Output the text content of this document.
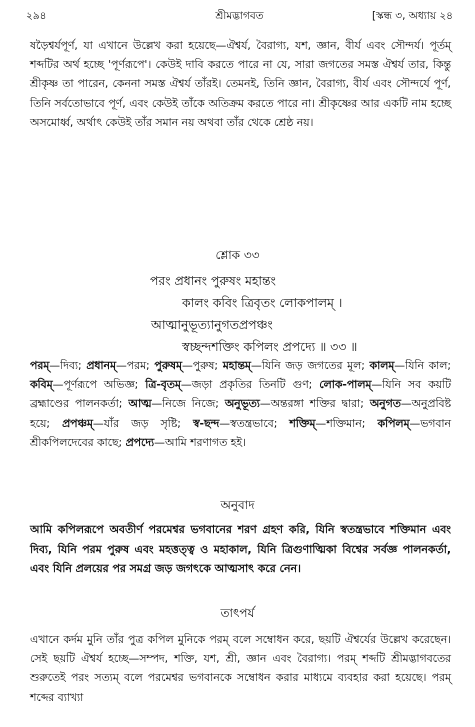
২৯৪	শ্রীমদ্ভাগবত	[স্কন্ধ ৩, অধ্যায় ২৪

ষড়ৈশ্বর্যপূর্ণ, যা এখানে উল্লেখ করা হয়েছে—ঐশ্বর্য, বৈরাগ্য, যশ, জ্ঞান, বীর্য এবং সৌন্দর্য। পূর্তম্‌ শব্দটির অর্থ হচ্ছে 'পূর্ণরূপে'। কেউই দাবি করতে পারে না যে, সারা জগতের সমস্ত ঐশ্বর্য তার, কিন্তু শ্রীকৃষ্ণ তা পারেন, কেননা সমস্ত ঐশ্বর্য তাঁরই। তেমনই, তিনি জ্ঞান, বৈরাগ্য, বীর্য এবং সৌন্দর্যে পূর্ণ, তিনি সর্বতোভাবে পূর্ণ, এবং কেউই তাঁকে অতিক্রম করতে পারে না। শ্রীকৃষ্ণের আর একটি নাম হচ্ছে অসমোর্ধ্ব, অর্থাৎ কেউই তাঁর সমান নয় অথবা তাঁর থেকে শ্রেষ্ঠ নয়।

শ্লোক ৩৩
পরং প্রধানং পুরুষং মহান্তং
কালং কবিং ত্রিবৃতং লোকপালম্‌ ।
আত্মানুভূত্যানুগতপ্রপঞ্চং
স্বচ্ছন্দশক্তিং কপিলং প্রপদ্যে ॥ ৩৩ ॥

পরম্‌—দিব্য; প্রধানম্‌—পরম; পুরুষম্‌—পুরুষ; মহান্তম্‌—যিনি জড় জগতের মূল; কালম্‌—যিনি কাল; কবিম্‌—পূর্ণরূপে অভিজ্ঞ; ত্রি-বৃতম্‌—জড়া প্রকৃতির তিনটি গুণ; লোক-পালম্‌—যিনি সব কয়টি ব্রহ্মাণ্ডের পালনকর্তা; আত্ম—নিজে নিজে; অনুভূত্য—অন্তরঙ্গা শক্তির দ্বারা; অনুগত—অনুপ্রবিষ্ট হয়ে; প্রপঞ্চম্‌—যাঁর জড় সৃষ্টি; স্ব-ছন্দ—স্বতন্ত্রভাবে; শক্তিম্‌—শক্তিমান; কপিলম্‌—ভগবান শ্রীকপিলদেবের কাছে; প্রপদ্যে—আমি শরণাগত হই।

অনুবাদ

আমি কপিলরূপে অবতীর্ণ পরমেশ্বর ভগবানের শরণ গ্রহণ করি, যিনি স্বতন্ত্রভাবে শক্তিমান এবং দিব্য, যিনি পরম পুরুষ এবং মহত্তত্ত্ব ও মহাকাল, যিনি ত্রিগুণাত্মিকা বিশ্বের সর্বজ্ঞ পালনকর্তা, এবং যিনি প্রলয়ের পর সমগ্র জড় জগৎকে আত্মসাৎ করে নেন।

তাৎপর্য

এখানে কর্দম মুনি তাঁর পুত্র কপিল মুনিকে পরম্‌ বলে সম্বোধন করে, ছয়টি ঐশ্বর্যের উল্লেখ করেছেন। সেই ছয়টি ঐশ্বর্য হচ্ছে—সম্পদ, শক্তি, যশ, শ্রী, জ্ঞান এবং বৈরাগ্য। পরম্‌ শব্দটি শ্রীমদ্ভাগবতের শুরুতেই পরং সত্যম্‌ বলে পরমেশ্বর ভগবানকে সম্বোধন করার মাধ্যমে ব্যবহার করা হয়েছে। পরম্‌ শব্দের ব্যাখ্যা
